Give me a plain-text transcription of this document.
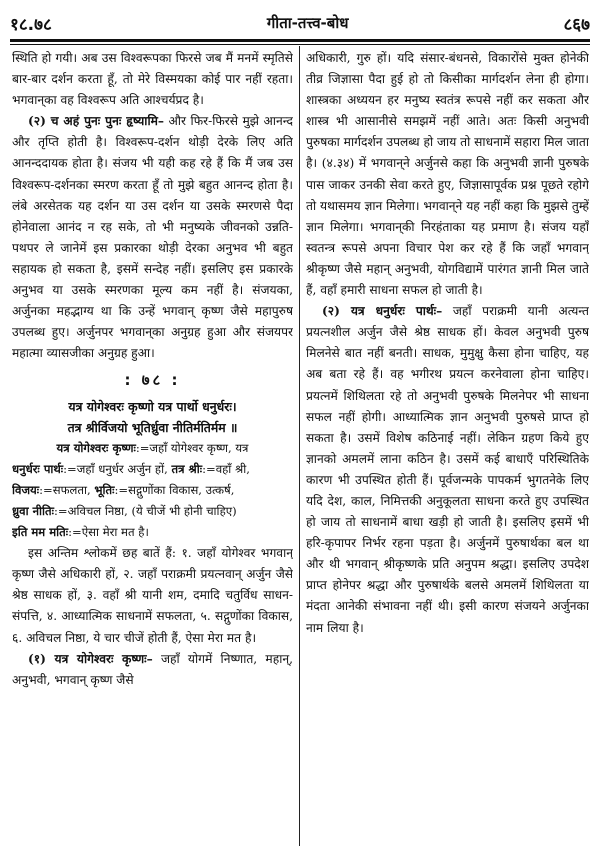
१८.७८	गीता-तत्त्व-बोध	८६७

स्थिति हो गयी। अब उस विश्वरूपका फिरसे जब मैं मनमें स्मृतिसे बार-बार दर्शन करता हूँ, तो मेरे विस्मयका कोई पार नहीं रहता। भगवान्‌का वह विश्वरूप अति आश्चर्यप्रद है।

(२) च अहं पुनः पुनः हृष्यामि– और फिर-फिरसे मुझे आनन्द और तृप्ति होती है। विश्वरूप-दर्शन थोड़ी देरके लिए अति आनन्ददायक होता है। संजय भी यही कह रहे हैं कि मैं जब उस विश्वरूप-दर्शनका स्मरण करता हूँ तो मुझे बहुत आनन्द होता है। लंबे अरसेतक यह दर्शन या उस दर्शन या उसके स्मरणसे पैदा होनेवाला आनंद न रह सके, तो भी मनुष्यके जीवनको उन्नति-पथपर ले जानेमें इस प्रकारका थोड़ी देरका अनुभव भी बहुत सहायक हो सकता है, इसमें सन्देह नहीं। इसलिए इस प्रकारके अनुभव या उसके स्मरणका मूल्य कम नहीं है। संजयका, अर्जुनका महद्भाग्य था कि उन्हें भगवान् कृष्ण जैसे महापुरुष उपलब्ध हुए। अर्जुनपर भगवान्‌का अनुग्रह हुआ और संजयपर महात्मा व्यासजीका अनुग्रह हुआ।

: ७८ :
यत्र योगेश्वरः कृष्णो यत्र पार्थो धनुर्धरः।
तत्र श्रीर्विजयो भूतिर्ध्रुवा नीतिर्मतिर्मम ॥

यत्र योगेश्वरः कृष्णः:=जहाँ योगेश्वर कृष्ण, यत्र

धनुर्धरः पार्थः:=जहाँ धनुर्धर अर्जुन हों, तत्र श्रीः:=वहाँ श्री,

विजयः:=सफलता, भूतिः:=सद्गुणोंका विकास, उत्कर्ष,

ध्रुवा नीतिः:=अविचल निष्ठा, (ये चीजें भी होनी चाहिए)

इति मम मतिः:=ऐसा मेरा मत है।

इस अन्तिम श्लोकमें छह बातें हैं: १. जहाँ योगेश्वर भगवान् कृष्ण जैसे अधिकारी हों, २. जहाँ पराक्रमी प्रयत्नवान् अर्जुन जैसे श्रेष्ठ साधक हों, ३. वहाँ श्री यानी शम, दमादि चतुर्विध साधन-संपत्ति, ४. आध्यात्मिक साधनामें सफलता, ५. सद्गुणोंका विकास, ६. अविचल निष्ठा, ये चार चीजें होती हैं, ऐसा मेरा मत है।

(१) यत्र योगेश्वरः कृष्णः– जहाँ योगमें निष्णात, महान्, अनुभवी, भगवान् कृष्ण जैसे

अधिकारी, गुरु हों। यदि संसार-बंधनसे, विकारोंसे मुक्त होनेकी तीव्र जिज्ञासा पैदा हुई हो तो किसीका मार्गदर्शन लेना ही होगा। शास्त्रका अध्ययन हर मनुष्य स्वतंत्र रूपसे नहीं कर सकता और शास्त्र भी आसानीसे समझमें नहीं आते। अतः किसी अनुभवी पुरुषका मार्गदर्शन उपलब्ध हो जाय तो साधनामें सहारा मिल जाता है। (४.३४) में भगवान्‌ने अर्जुनसे कहा कि अनुभवी ज्ञानी पुरुषके पास जाकर उनकी सेवा करते हुए, जिज्ञासापूर्वक प्रश्न पूछते रहोगे तो यथासमय ज्ञान मिलेगा। भगवान्‌ने यह नहीं कहा कि मुझसे तुम्हें ज्ञान मिलेगा। भगवान्‌की निरहंताका यह प्रमाण है। संजय यहाँ स्वतन्त्र रूपसे अपना विचार पेश कर रहे हैं कि जहाँ भगवान् श्रीकृष्ण जैसे महान् अनुभवी, योगविद्यामें पारंगत ज्ञानी मिल जाते हैं, वहाँ हमारी साधना सफल हो जाती है।

(२) यत्र धनुर्धरः पार्थः– जहाँ पराक्रमी यानी अत्यन्त प्रयत्नशील अर्जुन जैसे श्रेष्ठ साधक हों। केवल अनुभवी पुरुष मिलनेसे बात नहीं बनती। साधक, मुमुक्षु कैसा होना चाहिए, यह अब बता रहे हैं। वह भगीरथ प्रयत्न करनेवाला होना चाहिए। प्रयत्नमें शिथिलता रहे तो अनुभवी पुरुषके मिलनेपर भी साधना सफल नहीं होगी। आध्यात्मिक ज्ञान अनुभवी पुरुषसे प्राप्त हो सकता है। उसमें विशेष कठिनाई नहीं। लेकिन ग्रहण किये हुए ज्ञानको अमलमें लाना कठिन है। उसमें कई बाधाएँ परिस्थितिके कारण भी उपस्थित होती हैं। पूर्वजन्मके पापकर्म भुगतनेके लिए यदि देश, काल, निमित्तकी अनुकूलता साधना करते हुए उपस्थित हो जाय तो साधनामें बाधा खड़ी हो जाती है। इसलिए इसमें भी हरि-कृपापर निर्भर रहना पड़ता है। अर्जुनमें पुरुषार्थका बल था और थी भगवान् श्रीकृष्णके प्रति अनुपम श्रद्धा। इसलिए उपदेश प्राप्त होनेपर श्रद्धा और पुरुषार्थके बलसे अमलमें शिथिलता या मंदता आनेकी संभावना नहीं थी। इसी कारण संजयने अर्जुनका नाम लिया है।
